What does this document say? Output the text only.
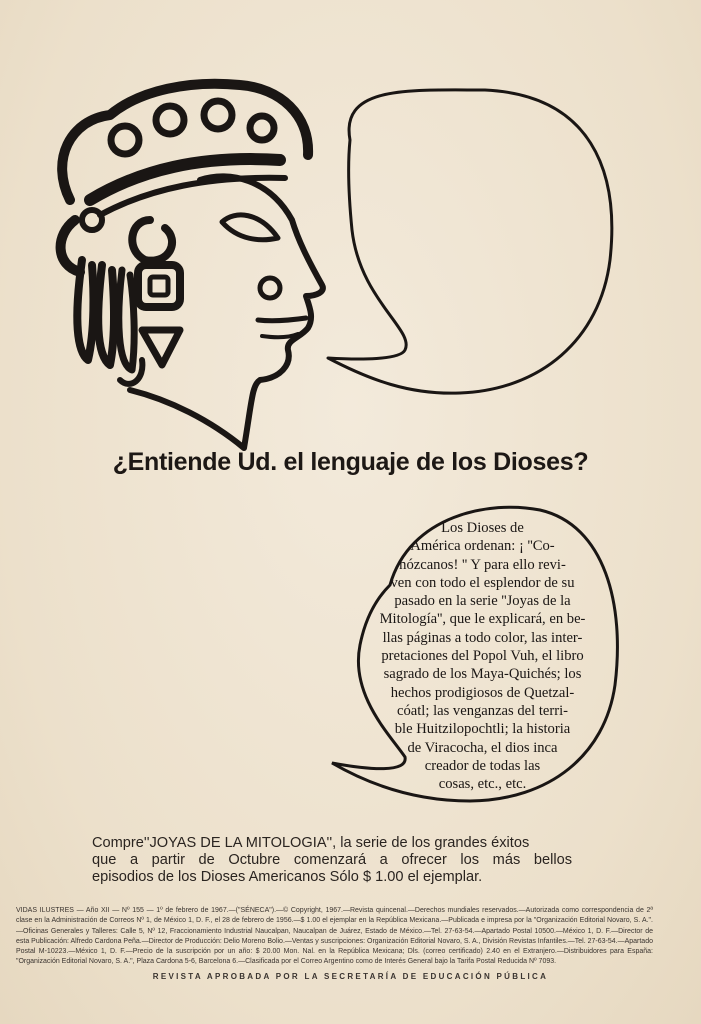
¿Entiende Ud. el lenguaje de los Dioses?
Los Dioses de
América ordenan: ¡ ''Co-
nózcanos! '' Y para ello revi-
ven con todo el esplendor de su
pasado en la serie ''Joyas de la
Mitología'', que le explicará, en be-
llas páginas a todo color, las inter-
pretaciones del Popol Vuh, el libro
sagrado de los Maya-Quichés; los
hechos prodigiosos de Quetzal-
cóatl; las venganzas del terri-
ble Huitzilopochtli; la historia
de Viracocha, el dios inca
creador de todas las
cosas, etc., etc.
Compre''JOYAS DE LA MITOLOGIA'', la serie de los grandes éxitos
que a partir de Octubre comenzará a ofrecer los más bellos
episodios de los Dioses Americanos Sólo $ 1.00 el ejemplar.
VIDAS ILUSTRES — Año XII — Nº 155 — 1º de febrero de 1967.—("SÉNECA").—© Copyright, 1967.—Revista quincenal.—Derechos mundiales reservados.—Autorizada como correspondencia de 2ª clase en la Administración de Correos Nº 1, de México 1, D. F., el 28 de febrero de 1956.—$ 1.00 el ejemplar en la República Mexicana.—Publicada e impresa por la "Organización Editorial Novaro, S. A.".—Oficinas Generales y Talleres: Calle 5, Nº 12, Fraccionamiento Industrial Naucalpan, Naucalpan de Juárez, Estado de México.—Tel. 27-63-54.—Apartado Postal 10500.—México 1, D. F.—Director de esta Publicación: Alfredo Cardona Peña.—Director de Producción: Delio Moreno Bolio.—Ventas y suscripciones: Organización Editorial Novaro, S. A., División Revistas Infantiles.—Tel. 27-63-54.—Apartado Postal M-10223.—México 1, D. F.—Precio de la suscripción por un año: $ 20.00 Mon. Nal. en la República Mexicana; Dls. (correo certificado) 2.40 en el Extranjero.—Distribuidores para España: "Organización Editorial Novaro, S. A.", Plaza Cardona 5-6, Barcelona 6.—Clasificada por el Correo Argentino como de Interés General bajo la Tarifa Postal Reducida Nº 7093.
REVISTA APROBADA POR LA SECRETARÍA DE EDUCACIÓN PÚBLICA
